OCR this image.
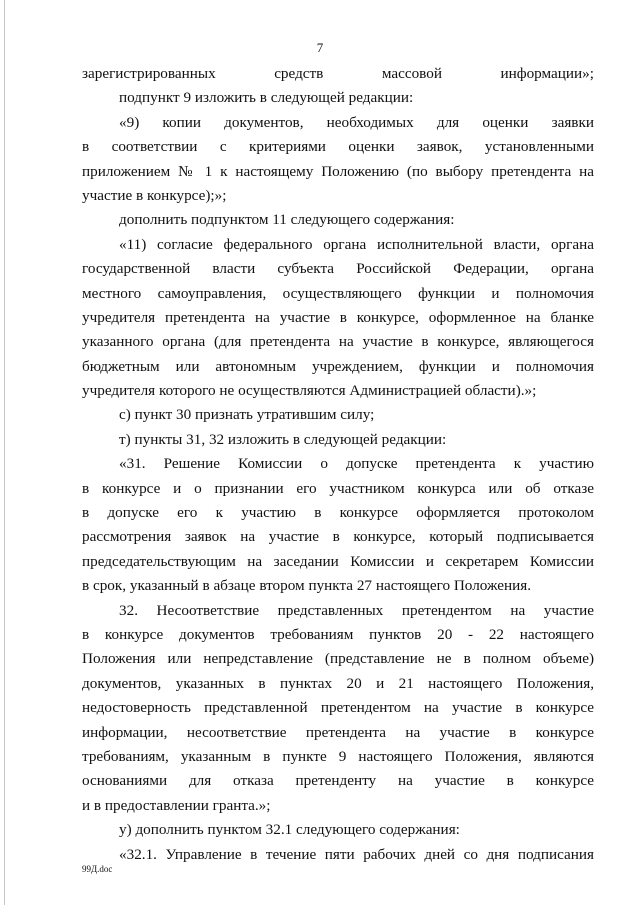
7
зарегистрированных средств массовой информации»;
подпункт 9 изложить в следующей редакции:
«9) копии документов, необходимых для оценки заявки
в соответствии с критериями оценки заявок, установленными
приложением № 1 к настоящему Положению (по выбору претендента на
участие в конкурсе);»;
дополнить подпунктом 11 следующего содержания:
«11) согласие федерального органа исполнительной власти, органа
государственной власти субъекта Российской Федерации, органа
местного самоуправления, осуществляющего функции и полномочия
учредителя претендента на участие в конкурсе, оформленное на бланке
указанного органа (для претендента на участие в конкурсе, являющегося
бюджетным или автономным учреждением, функции и полномочия
учредителя которого не осуществляются Администрацией области).»;
с) пункт 30 признать утратившим силу;
т) пункты 31, 32 изложить в следующей редакции:
«31. Решение Комиссии о допуске претендента к участию
в конкурсе и о признании его участником конкурса или об отказе
в допуске его к участию в конкурсе оформляется протоколом
рассмотрения заявок на участие в конкурсе, который подписывается
председательствующим на заседании Комиссии и секретарем Комиссии
в срок, указанный в абзаце втором пункта 27 настоящего Положения.
32. Несоответствие представленных претендентом на участие
в конкурсе документов требованиям пунктов 20 - 22 настоящего
Положения или непредставление (представление не в полном объеме)
документов, указанных в пунктах 20 и 21 настоящего Положения,
недостоверность представленной претендентом на участие в конкурсе
информации, несоответствие претендента на участие в конкурсе
требованиям, указанным в пункте 9 настоящего Положения, являются
основаниями для отказа претенденту на участие в конкурсе
и в предоставлении гранта.»;
у) дополнить пунктом 32.1 следующего содержания:
«32.1. Управление в течение пяти рабочих дней со дня подписания
99Д.doc
